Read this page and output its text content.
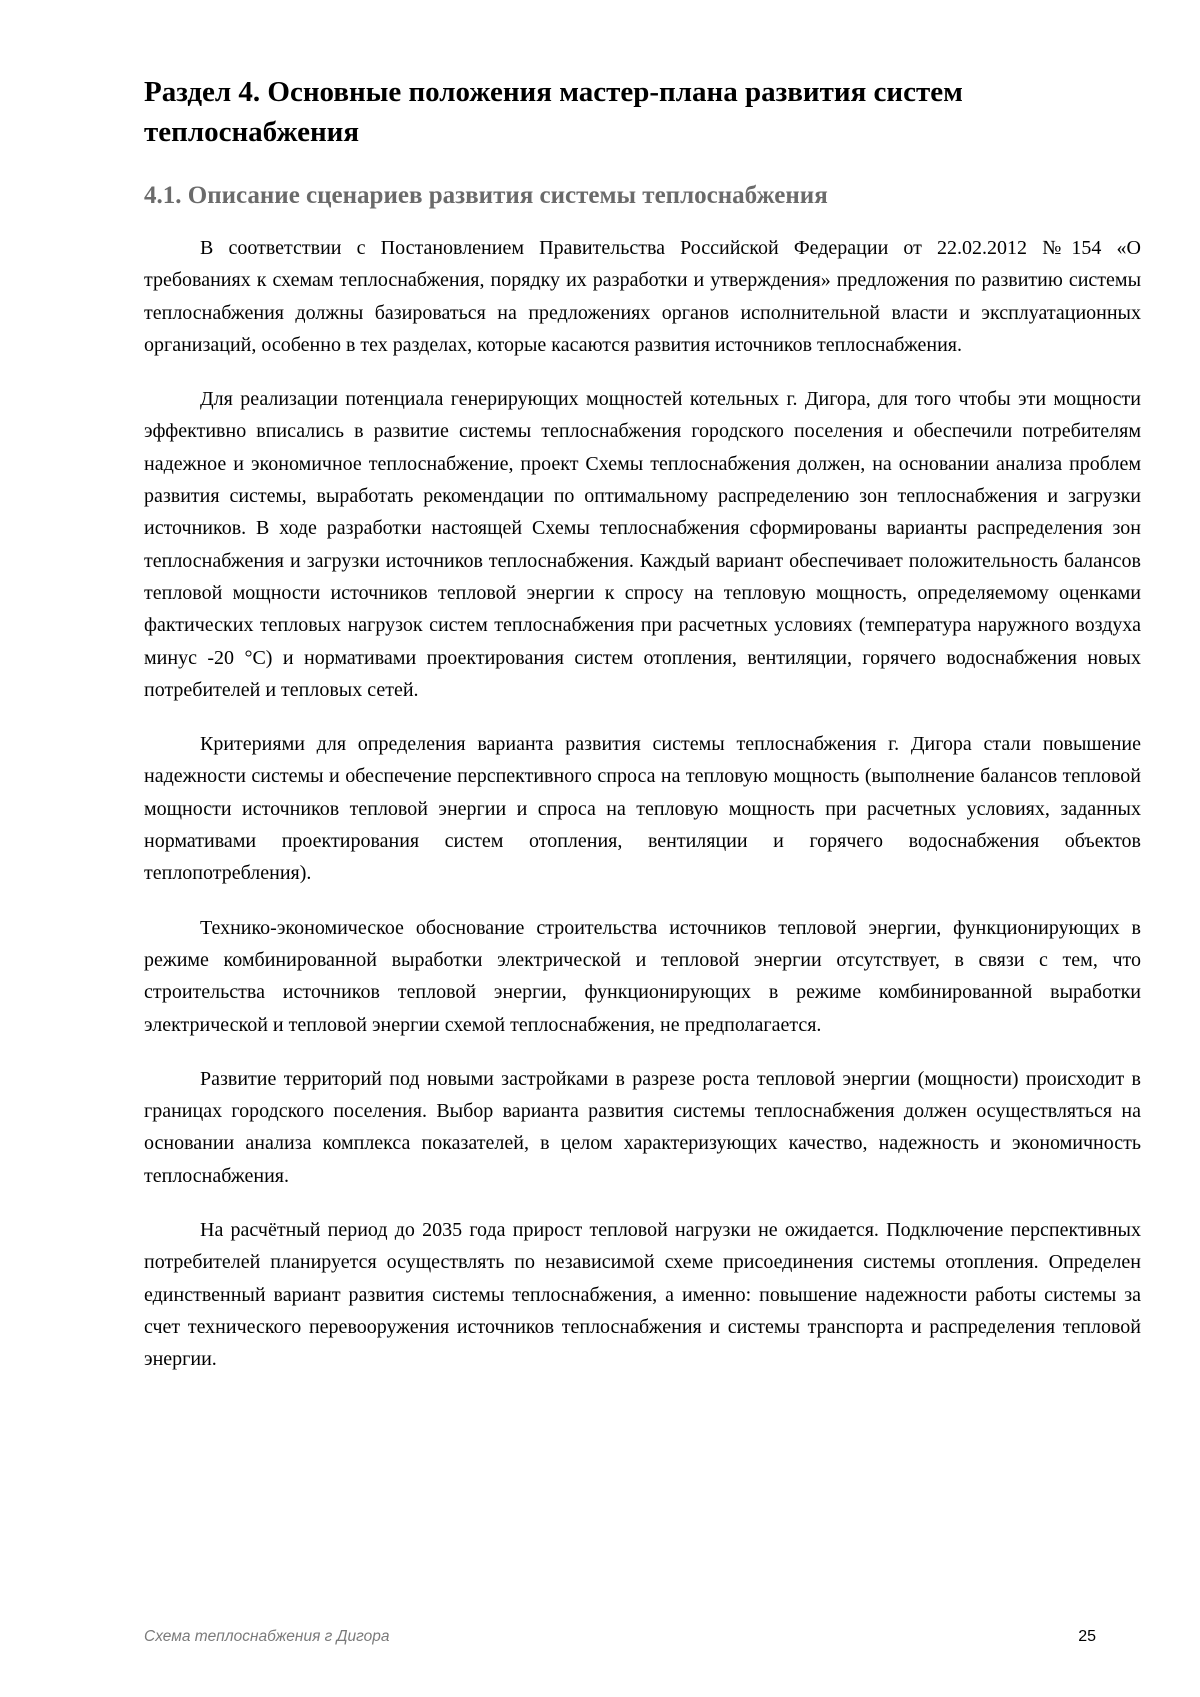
Раздел 4. Основные положения мастер-плана развития систем теплоснабжения
4.1. Описание сценариев развития системы теплоснабжения

В соответствии с Постановлением Правительства Российской Федерации от 22.02.2012 №154 «О требованиях к схемам теплоснабжения, порядку их разработки и утверждения» предложения по развитию системы теплоснабжения должны базироваться на предложениях органов исполнительной власти и эксплуатационных организаций, особенно в тех разделах, которые касаются развития источников теплоснабжения.

Для реализации потенциала генерирующих мощностей котельных г. Дигора, для того чтобы эти мощности эффективно вписались в развитие системы теплоснабжения городского поселения и обеспечили потребителям надежное и экономичное теплоснабжение, проект Схемы теплоснабжения должен, на основании анализа проблем развития системы, выработать рекомендации по оптимальному распределению зон теплоснабжения и загрузки источников. В ходе разработки настоящей Схемы теплоснабжения сформированы варианты распределения зон теплоснабжения и загрузки источников теплоснабжения. Каждый вариант обеспечивает положительность балансов тепловой мощности источников тепловой энергии к спросу на тепловую мощность, определяемому оценками фактических тепловых нагрузок систем теплоснабжения при расчетных условиях (температура наружного воздуха минус -20 °С) и нормативами проектирования систем отопления, вентиляции, горячего водоснабжения новых потребителей и тепловых сетей.

Критериями для определения варианта развития системы теплоснабжения г. Дигора стали повышение надежности системы и обеспечение перспективного спроса на тепловую мощность (выполнение балансов тепловой мощности источников тепловой энергии и спроса на тепловую мощность при расчетных условиях, заданных нормативами проектирования систем отопления, вентиляции и горячего водоснабжения объектов теплопотребления).

Технико-экономическое обоснование строительства источников тепловой энергии, функционирующих в режиме комбинированной выработки электрической и тепловой энергии отсутствует, в связи с тем, что строительства источников тепловой энергии, функционирующих в режиме комбинированной выработки электрической и тепловой энергии схемой теплоснабжения, не предполагается.

Развитие территорий под новыми застройками в разрезе роста тепловой энергии (мощности) происходит в границах городского поселения. Выбор варианта развития системы теплоснабжения должен осуществляться на основании анализа комплекса показателей, в целом характеризующих качество, надежность и экономичность теплоснабжения.

На расчётный период до 2035 года прирост тепловой нагрузки не ожидается. Подключение перспективных потребителей планируется осуществлять по независимой схеме присоединения системы отопления. Определен единственный вариант развития системы теплоснабжения, а именно: повышение надежности работы системы за счет технического перевооружения источников теплоснабжения и системы транспорта и распределения тепловой энергии.

Схема теплоснабжения г Дигора	25
